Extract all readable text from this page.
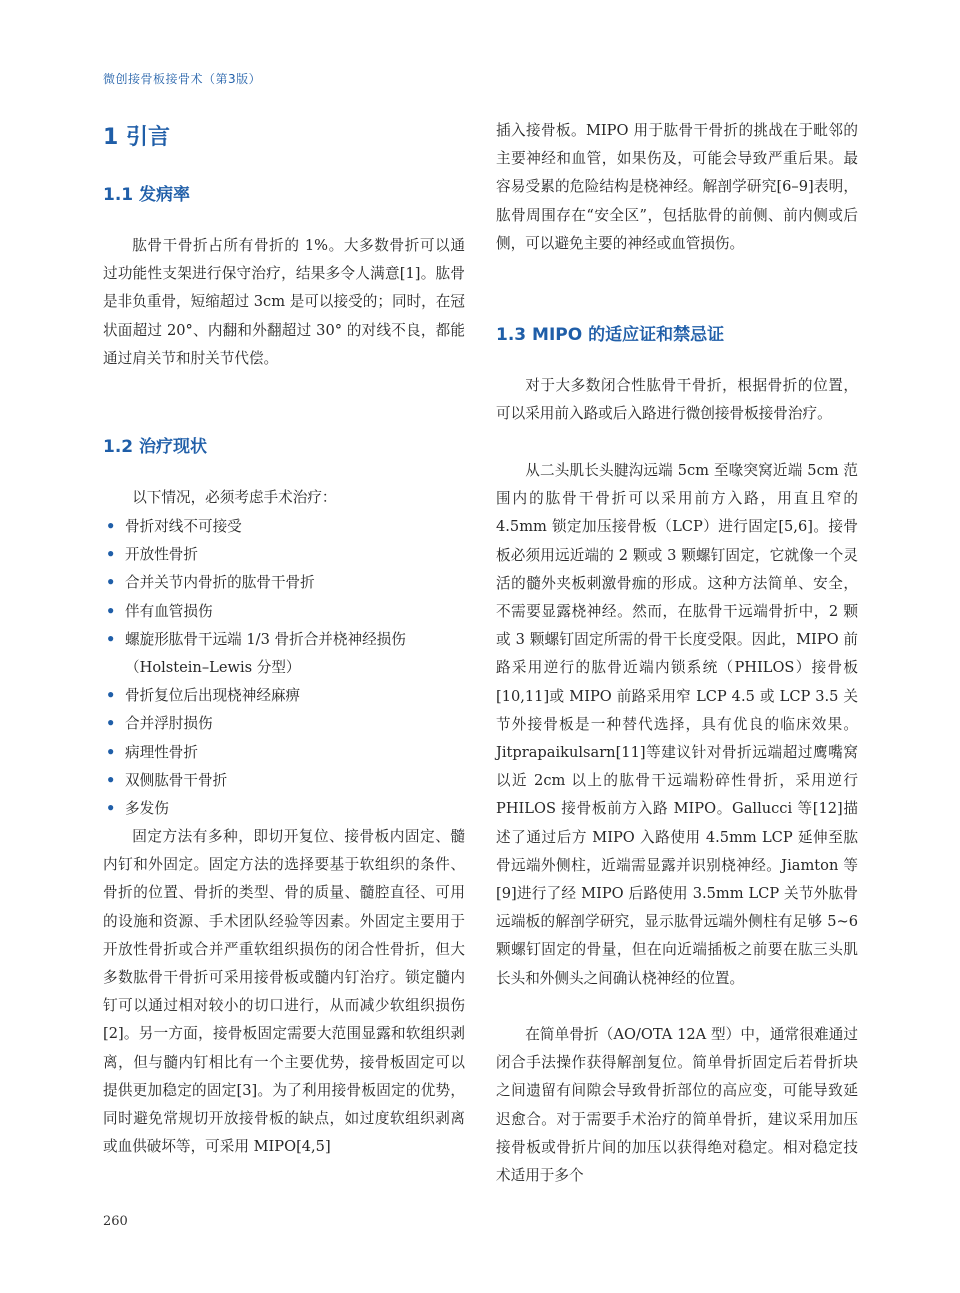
微创接骨板接骨术（第3版）
1 引言
1.1 发病率

肱骨干骨折占所有骨折的 1%。大多数骨折可以通过功能性支架进行保守治疗，结果多令人满意[1]。肱骨是非负重骨，短缩超过 3cm 是可以接受的；同时，在冠状面超过 20°、内翻和外翻超过 30° 的对线不良，都能通过肩关节和肘关节代偿。

1.2 治疗现状

以下情况，必须考虑手术治疗：

• 骨折对线不可接受
• 开放性骨折
• 合并关节内骨折的肱骨干骨折
• 伴有血管损伤
• 螺旋形肱骨干远端 1/3 骨折合并桡神经损伤（Holstein–Lewis 分型）
• 骨折复位后出现桡神经麻痹
• 合并浮肘损伤
• 病理性骨折
• 双侧肱骨干骨折
• 多发伤

固定方法有多种，即切开复位、接骨板内固定、髓内钉和外固定。固定方法的选择要基于软组织的条件、骨折的位置、骨折的类型、骨的质量、髓腔直径、可用的设施和资源、手术团队经验等因素。外固定主要用于开放性骨折或合并严重软组织损伤的闭合性骨折，但大多数肱骨干骨折可采用接骨板或髓内钉治疗。锁定髓内钉可以通过相对较小的切口进行，从而减少软组织损伤[2]。另一方面，接骨板固定需要大范围显露和软组织剥离，但与髓内钉相比有一个主要优势，接骨板固定可以提供更加稳定的固定[3]。为了利用接骨板固定的优势，同时避免常规切开放接骨板的缺点，如过度软组织剥离或血供破坏等，可采用 MIPO[4,5]

插入接骨板。MIPO 用于肱骨干骨折的挑战在于毗邻的主要神经和血管，如果伤及，可能会导致严重后果。最容易受累的危险结构是桡神经。解剖学研究[6–9]表明，肱骨周围存在“安全区”，包括肱骨的前侧、前内侧或后侧，可以避免主要的神经或血管损伤。

1.3 MIPO 的适应证和禁忌证

对于大多数闭合性肱骨干骨折，根据骨折的位置，可以采用前入路或后入路进行微创接骨板接骨治疗。

从二头肌长头腱沟远端 5cm 至喙突窝近端 5cm 范围内的肱骨干骨折可以采用前方入路，用直且窄的 4.5mm 锁定加压接骨板（LCP）进行固定[5,6]。接骨板必须用远近端的 2 颗或 3 颗螺钉固定，它就像一个灵活的髓外夹板刺激骨痂的形成。这种方法简单、安全，不需要显露桡神经。然而，在肱骨干远端骨折中，2 颗或 3 颗螺钉固定所需的骨干长度受限。因此，MIPO 前路采用逆行的肱骨近端内锁系统（PHILOS）接骨板[10,11]或 MIPO 前路采用窄 LCP 4.5 或 LCP 3.5 关节外接骨板是一种替代选择，具有优良的临床效果。Jitprapaikulsarn[11]等建议针对骨折远端超过鹰嘴窝以近 2cm 以上的肱骨干远端粉碎性骨折，采用逆行 PHILOS 接骨板前方入路 MIPO。Gallucci 等[12]描述了通过后方 MIPO 入路使用 4.5mm LCP 延伸至肱骨远端外侧柱，近端需显露并识别桡神经。Jiamton 等[9]进行了经 MIPO 后路使用 3.5mm LCP 关节外肱骨远端板的解剖学研究，显示肱骨远端外侧柱有足够 5~6 颗螺钉固定的骨量，但在向近端插板之前要在肱三头肌长头和外侧头之间确认桡神经的位置。

在简单骨折（AO/OTA 12A 型）中，通常很难通过闭合手法操作获得解剖复位。简单骨折固定后若骨折块之间遗留有间隙会导致骨折部位的高应变，可能导致延迟愈合。对于需要手术治疗的简单骨折，建议采用加压接骨板或骨折片间的加压以获得绝对稳定。相对稳定技术适用于多个

260
